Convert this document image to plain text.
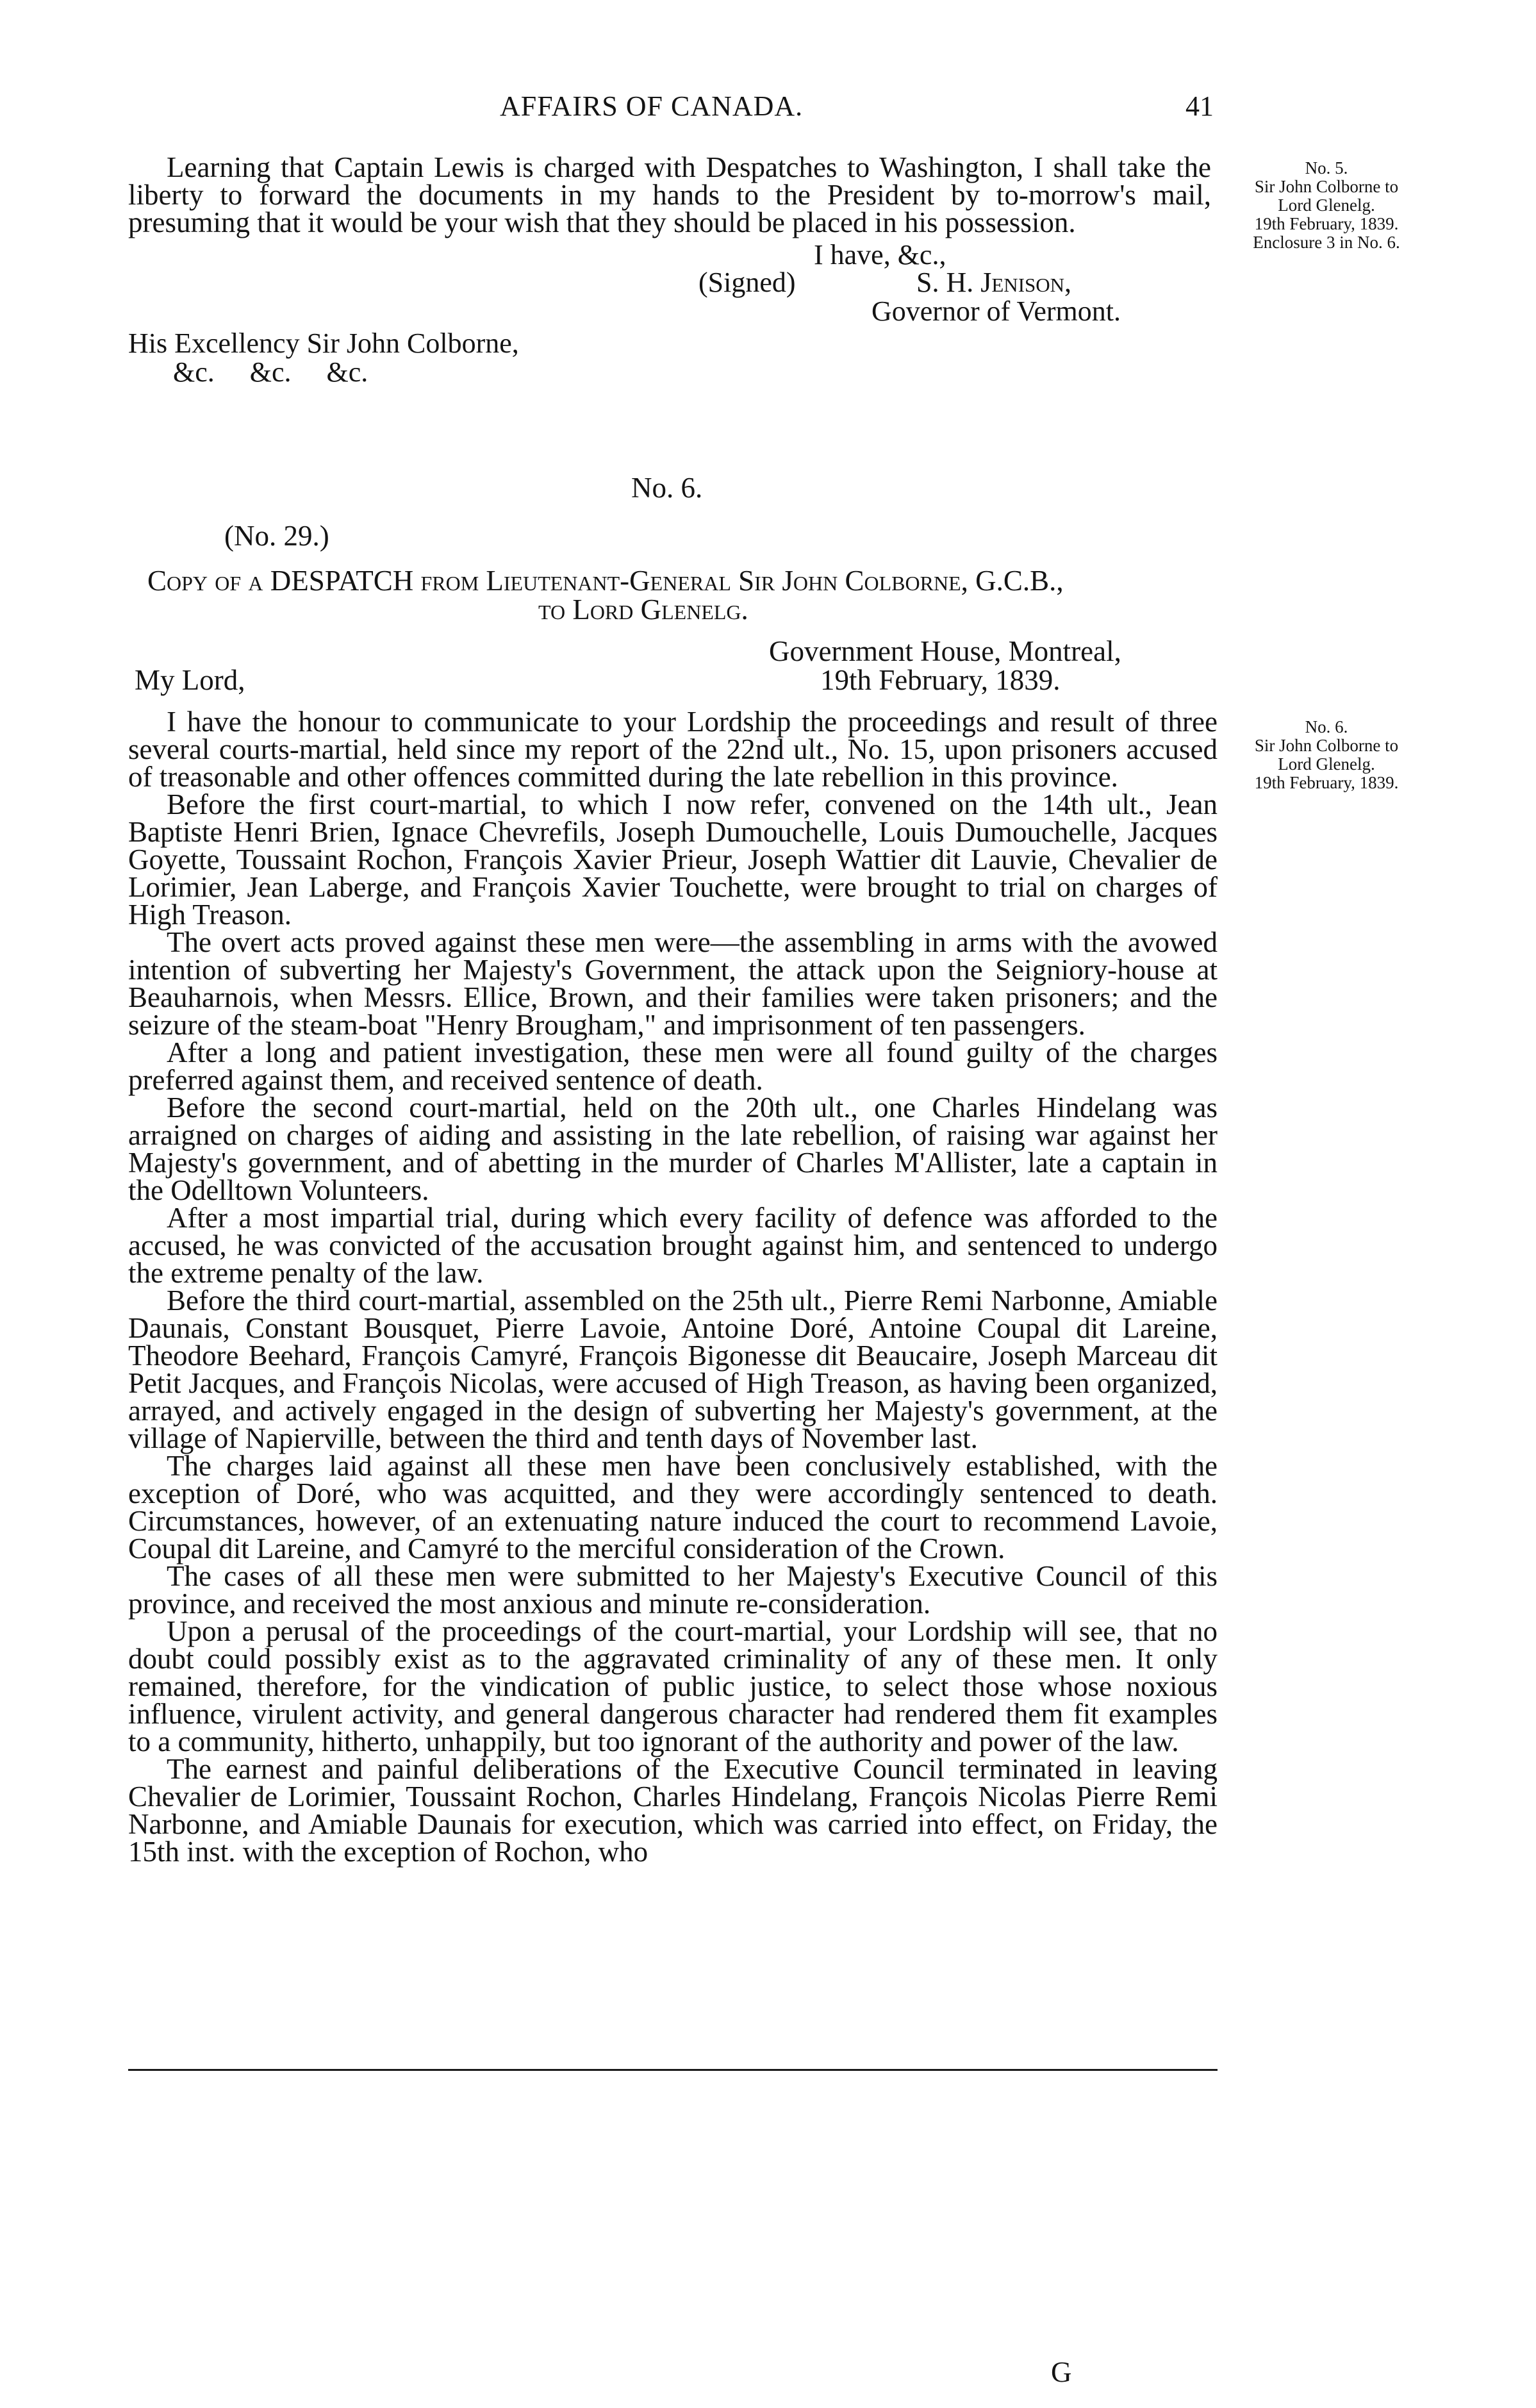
AFFAIRS OF CANADA.	41

Learning that Captain Lewis is charged with Despatches to Washington, I shall take the liberty to forward the documents in my hands to the President by to-morrow's mail, presuming that it would be your wish that they should be placed in his possession.

I have, &c.,
(Signed)	S. H. Jenison,
Governor of Vermont.
His Excellency Sir John Colborne,
&c.     &c.     &c.
No. 5.
Sir John Colborne to
Lord Glenelg.
19th February, 1839.
Enclosure 3 in No. 6.
No. 6.
(No. 29.)
Copy of a DESPATCH from Lieutenant-General Sir John Colborne, G.C.B.,
to Lord Glenelg.
Government House, Montreal,
My Lord,	19th February, 1839.
No. 6.
Sir John Colborne to
Lord Glenelg.
19th February, 1839.

I have the honour to communicate to your Lordship the proceedings and result of three several courts-martial, held since my report of the 22nd ult., No. 15, upon prisoners accused of treasonable and other offences committed during the late rebellion in this province.

Before the first court-martial, to which I now refer, convened on the 14th ult., Jean Baptiste Henri Brien, Ignace Chevrefils, Joseph Dumouchelle, Louis Dumouchelle, Jacques Goyette, Toussaint Rochon, François Xavier Prieur, Joseph Wattier dit Lauvie, Chevalier de Lorimier, Jean Laberge, and François Xavier Touchette, were brought to trial on charges of High Treason.

The overt acts proved against these men were—the assembling in arms with the avowed intention of subverting her Majesty's Government, the attack upon the Seigniory-house at Beauharnois, when Messrs. Ellice, Brown, and their families were taken prisoners; and the seizure of the steam-boat "Henry Brougham," and imprisonment of ten passengers.

After a long and patient investigation, these men were all found guilty of the charges preferred against them, and received sentence of death.

Before the second court-martial, held on the 20th ult., one Charles Hindelang was arraigned on charges of aiding and assisting in the late rebellion, of raising war against her Majesty's government, and of abetting in the murder of Charles M'Allister, late a captain in the Odelltown Volunteers.

After a most impartial trial, during which every facility of defence was afforded to the accused, he was convicted of the accusation brought against him, and sentenced to undergo the extreme penalty of the law.

Before the third court-martial, assembled on the 25th ult., Pierre Remi Narbonne, Amiable Daunais, Constant Bousquet, Pierre Lavoie, Antoine Doré, Antoine Coupal dit Lareine, Theodore Beehard, François Camyré, François Bigonesse dit Beaucaire, Joseph Marceau dit Petit Jacques, and François Nicolas, were accused of High Treason, as having been organized, arrayed, and actively engaged in the design of subverting her Majesty's government, at the village of Napierville, between the third and tenth days of November last.

The charges laid against all these men have been conclusively established, with the exception of Doré, who was acquitted, and they were accordingly sentenced to death. Circumstances, however, of an extenuating nature induced the court to recommend Lavoie, Coupal dit Lareine, and Camyré to the merciful consideration of the Crown.

The cases of all these men were submitted to her Majesty's Executive Council of this province, and received the most anxious and minute re-consideration.

Upon a perusal of the proceedings of the court-martial, your Lordship will see, that no doubt could possibly exist as to the aggravated criminality of any of these men. It only remained, therefore, for the vindication of public justice, to select those whose noxious influence, virulent activity, and general dangerous character had rendered them fit examples to a community, hitherto, unhappily, but too ignorant of the authority and power of the law.

The earnest and painful deliberations of the Executive Council terminated in leaving Chevalier de Lorimier, Toussaint Rochon, Charles Hindelang, François Nicolas Pierre Remi Narbonne, and Amiable Daunais for execution, which was carried into effect, on Friday, the 15th inst. with the exception of Rochon, who

G
